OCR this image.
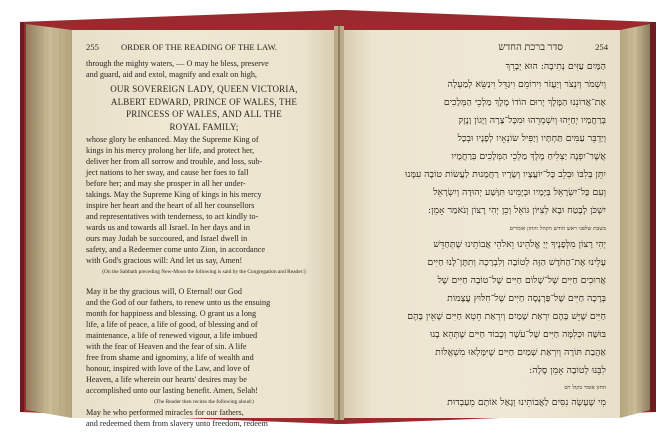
255	ORDER OF THE READING OF THE LAW.
through the mighty waters, — O may he bless, preserve
and guard, aid and extol, magnify and exalt on high,
OUR SOVEREIGN LADY, QUEEN VICTORIA,
ALBERT EDWARD, PRINCE OF WALES, THE
PRINCESS OF WALES, AND ALL THE
ROYAL FAMILY;
whose glory be enhanced. May the Supreme King of
kings in his mercy prolong her life, and protect her,
deliver her from all sorrow and trouble, and loss, sub-
ject nations to her sway, and cause her foes to fall
before her; and may she prosper in all her under-
takings. May the Supreme King of kings in his mercy
inspire her heart and the heart of all her counsellors
and representatives with tenderness, to act kindly to-
wards us and towards all Israel. In her days and in
ours may Judah be succoured, and Israel dwell in
safety, and a Redeemer come unto Zion, in accordance
with God's gracious will: And let us say, Amen!
(On the Sabbath preceding New-Moon the following is said by the Congregation and Reader:)
May it be thy gracious will, O Eternal! our God
and the God of our fathers, to renew unto us the ensuing
month for happiness and blessing. O grant us a long
life, a life of peace, a life of good, of blessing and of
maintenance, a life of renewed vigour, a life imbued
with the fear of Heaven and the fear of sin. A life
free from shame and ignominy, a life of wealth and
honour, inspired with love of the Law, and love of
Heaven, a life wherein our hearts' desires may be
accomplished unto our lasting benefit. Amen, Selah!
(The Reader then recites the following aloud:)
May he who performed miracles for our fathers,
and redeemed them from slavery unto freedom, redeem
254 סדר ברכת החדש
הַמָּיִם עַזִּים נְתִיבָה: הוּא יְבָרֵךְ
וְיִשְׁמֹר וְיִנְצֹר וְיַעֲזֹר וִירוֹמֵם וִיגַדֵּל וִינַשֵּׂא לְמַעְלָה
אֶת־אֲדוֹנֵנוּ הַמֶּלֶךְ יָרוּם הוֹדוֹ מֶלֶךְ מַלְכֵי הַמְּלָכִים
בְּרַחֲמָיו יְחַיֵּהוּ וְיִשְׁמְרֵהוּ וּמִכָּל־צָרָה וְיָגוֹן וָנֶזֶק
וְיַדְבֵּר עַמִּים תַּחְתָּיו וְיַפִּיל שׂוֹנְאָיו לְפָנָיו וּבְכָל
אֲשֶׁר־יִפְנֶה יַצְלִיחַ מֶלֶךְ מַלְכֵי הַמְּלָכִים בְּרַחֲמָיו
יִתֵּן בְּלִבּוֹ וּבְלֵב כָּל־יוֹעֲצָיו וְשָׂרָיו רַחֲמָנוּת לַעֲשׂוֹת טוֹבָה עִמָּנוּ
וְעִם כָּל־יִשְׂרָאֵל בְּיָמָיו וּבְיָמֵינוּ תִּוָּשַׁע יְהוּדָה וְיִשְׂרָאֵל
יִשְׁכֹּן לָבֶטַח וּבָא לְצִיּוֹן גּוֹאֵל וְכֵן יְהִי רָצוֹן וְנֹאמַר אָמֵן:
בשבת שלפני ראש חודש הקהל והחזן אומרים
יְהִי רָצוֹן מִלְּפָנֶיךָ יְיָ אֱלֹהֵינוּ וֵאלֹהֵי אֲבוֹתֵינוּ שֶׁתְּחַדֵּשׁ
עָלֵינוּ אֶת־הַחֹדֶשׁ הַזֶּה לְטוֹבָה וְלִבְרָכָה וְתִתֶּן־לָנוּ חַיִּים
אֲרוּכִים חַיִּים שֶׁל־שָׁלוֹם חַיִּים שֶׁל־טוֹבָה חַיִּים שֶׁל
בְּרָכָה חַיִּים שֶׁל־פַּרְנָסָה חַיִּים שֶׁל־חִלּוּץ עֲצָמוֹת
חַיִּים שֶׁיֵּשׁ בָּהֶם יִרְאַת שָׁמַיִם וְיִרְאַת חֵטְא חַיִּים שֶׁאֵין בָּהֶם
בּוּשָׁה וּכְלִמָּה חַיִּים שֶׁל־עֹשֶׁר וְכָבוֹד חַיִּים שֶׁתְּהֵא בָנוּ
אַהֲבַת תּוֹרָה וְיִרְאַת שָׁמַיִם חַיִּים שֶׁיִּמָּלְאוּ מִשְׁאֲלוֹת
לִבֵּנוּ לְטוֹבָה אָמֵן סֶלָה:
החזן אומר בקול רם
מִי שֶׁעָשָׂה נִסִּים לַאֲבוֹתֵינוּ וְגָאַל אוֹתָם מֵעַבְדוּת
